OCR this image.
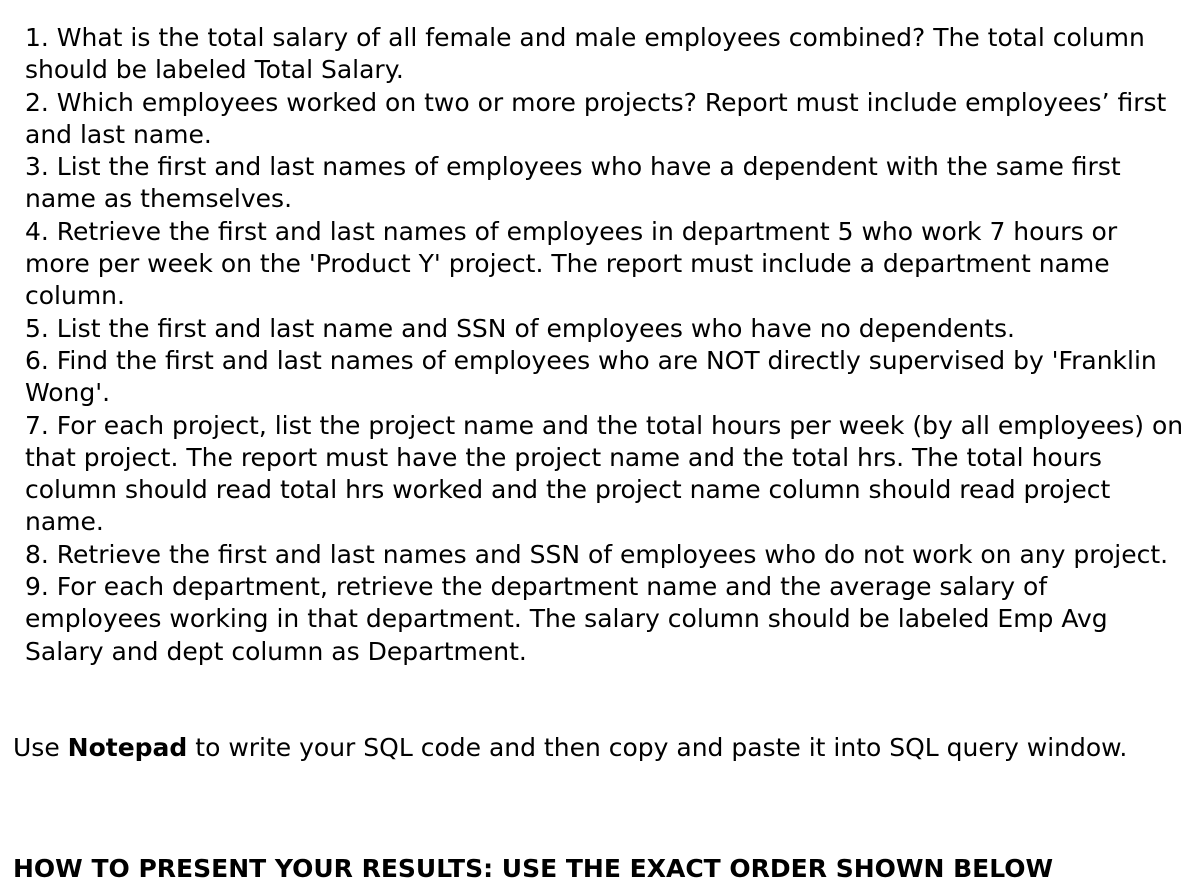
1. What is the total salary of all female and male employees combined? The total column should be labeled Total Salary.
2. Which employees worked on two or more projects? Report must include employees’ first and last name.
3. List the first and last names of employees who have a dependent with the same first name as themselves.
4. Retrieve the first and last names of employees in department 5 who work 7 hours or more per week on the 'Product Y' project. The report must include a department name column.
5. List the first and last name and SSN of employees who have no dependents.
6. Find the first and last names of employees who are NOT directly supervised by 'Franklin Wong'.
7. For each project, list the project name and the total hours per week (by all employees) on that project. The report must have the project name and the total hrs. The total hours column should read total hrs worked and the project name column should read project name.
8. Retrieve the first and last names and SSN of employees who do not work on any project.
9. For each department, retrieve the department name and the average salary of employees working in that department. The salary column should be labeled Emp Avg Salary and dept column as Department.

Use Notepad to write your SQL code and then copy and paste it into SQL query window.

HOW TO PRESENT YOUR RESULTS: USE THE EXACT ORDER SHOWN BELOW
